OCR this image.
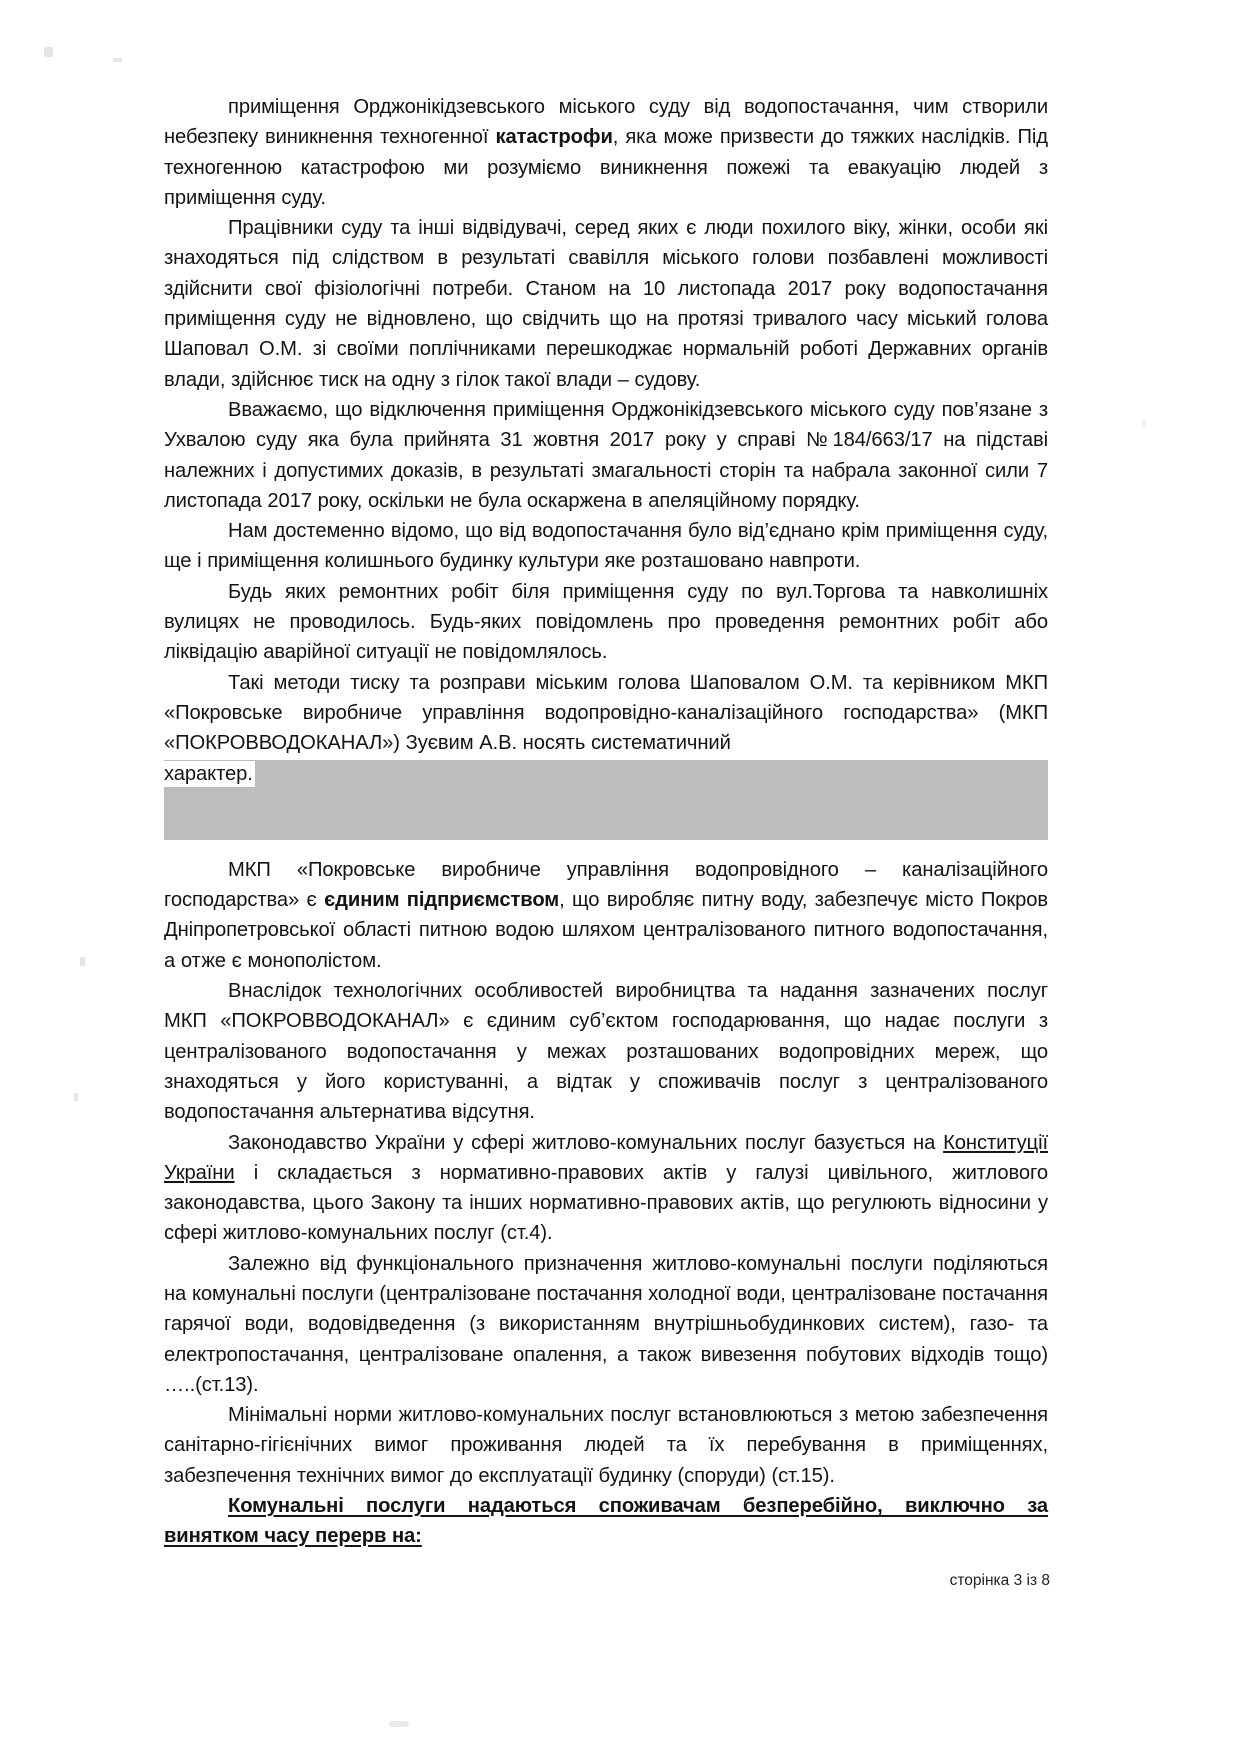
приміщення Орджонікідзевського міського суду від водопостачання, чим створили небезпеку виникнення техногенної катастрофи, яка може призвести до тяжких наслідків. Під техногенною катастрофою ми розуміємо виникнення пожежі та евакуацію людей з приміщення суду.

Працівники суду та інші відвідувачі, серед яких є люди похилого віку, жінки, особи які знаходяться під слідством в результаті свавілля міського голови позбавлені можливості здійснити свої фізіологічні потреби. Станом на 10 листопада 2017 року водопостачання приміщення суду не відновлено, що свідчить що на протязі тривалого часу міський голова Шаповал О.М. зі своїми поплічниками перешкоджає нормальній роботі Державних органів влади, здійснює тиск на одну з гілок такої влади – судову.

Вважаємо, що відключення приміщення Орджонікідзевського міського суду пов’язане з Ухвалою суду яка була прийнята 31 жовтня 2017 року у справі №184/663/17 на підставі належних і допустимих доказів, в результаті змагальності сторін та набрала законної сили 7 листопада 2017 року, оскільки не була оскаржена в апеляційному порядку.

Нам достеменно відомо, що від водопостачання було від’єднано крім приміщення суду, ще і приміщення колишнього будинку культури яке розташовано навпроти.

Будь яких ремонтних робіт біля приміщення суду по вул.Торгова та навколишніх вулицях не проводилось. Будь-яких повідомлень про проведення ремонтних робіт або ліквідацію аварійної ситуації не повідомлялось.

Такі методи тиску та розправи міським голова Шаповалом О.М. та керівником МКП «Покровське виробниче управління водопровідно-каналізаційного господарства» (МКП «ПОКРОВВОДОКАНАЛ») Зуєвим А.В. носять систематичний

характер.

МКП «Покровське виробниче управління водопровідного – каналізаційного господарства» є єдиним підприємством, що виробляє питну воду, забезпечує місто Покров Дніпропетровської області питною водою шляхом централізованого питного водопостачання, а отже є монополістом.

Внаслідок технологічних особливостей виробництва та надання зазначених послуг МКП «ПОКРОВВОДОКАНАЛ» є єдиним суб’єктом господарювання, що надає послуги з централізованого водопостачання у межах розташованих водопровідних мереж, що знаходяться у його користуванні, а відтак у споживачів послуг з централізованого водопостачання альтернатива відсутня.

Законодавство України у сфері житлово-комунальних послуг базується на Конституції України і складається з нормативно-правових актів у галузі цивільного, житлового законодавства, цього Закону та інших нормативно-правових актів, що регулюють відносини у сфері житлово-комунальних послуг (ст.4).

Залежно від функціонального призначення житлово-комунальні послуги поділяються на комунальні послуги (централізоване постачання холодної води, централізоване постачання гарячої води, водовідведення (з використанням внутрішньобудинкових систем), газо- та електропостачання, централізоване опалення, а також вивезення побутових відходів тощо) …..(ст.13).

Мінімальні норми житлово-комунальних послуг встановлюються з метою забезпечення санітарно-гігієнічних вимог проживання людей та їх перебування в приміщеннях, забезпечення технічних вимог до експлуатації будинку (споруди) (ст.15).

Комунальні послуги надаються споживачам безперебійно, виключно за винятком часу перерв на:

сторінка 3 із 8
